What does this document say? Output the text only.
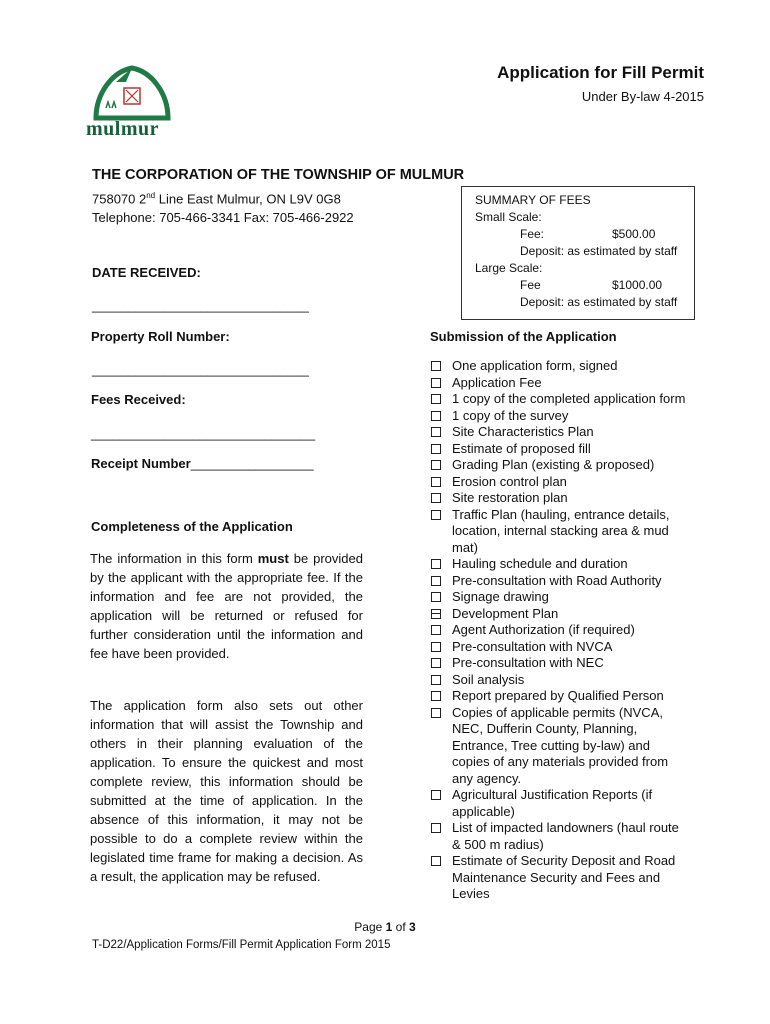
mulmur
Application for Fill Permit
Under By-law 4-2015
THE CORPORATION OF THE TOWNSHIP OF MULMUR
758070 2nd Line East Mulmur, ON L9V 0G8
Telephone: 705-466-3341 Fax: 705-466-2922
SUMMARY OF FEES
Small Scale:
Fee:	$500.00
Deposit: as estimated by staff
Large Scale:
Fee	$1000.00
Deposit: as estimated by staff
DATE RECEIVED:
______________________________
Property Roll Number:
______________________________
Fees Received:
_______________________________
Receipt Number_________________
Completeness of the Application
The information in this form must be provided by the applicant with the appropriate fee. If the information and fee are not provided, the application will be returned or refused for further consideration until the information and fee have been provided.
The application form also sets out other information that will assist the Township and others in their planning evaluation of the application. To ensure the quickest and most complete review, this information should be submitted at the time of application. In the absence of this information, it may not be possible to do a complete review within the legislated time frame for making a decision. As a result, the application may be refused.
Submission of the Application
One application form, signed
Application Fee
1 copy of the completed application form
1 copy of the survey
Site Characteristics Plan
Estimate of proposed fill
Grading Plan (existing & proposed)
Erosion control plan
Site restoration plan
Traffic Plan (hauling, entrance details, location, internal stacking area & mud mat)
Hauling schedule and duration
Pre-consultation with Road Authority
Signage drawing
Development Plan
Agent Authorization (if required)
Pre-consultation with NVCA
Pre-consultation with NEC
Soil analysis
Report prepared by Qualified Person
Copies of applicable permits (NVCA, NEC, Dufferin County, Planning, Entrance, Tree cutting by-law) and copies of any materials provided from any agency.
Agricultural Justification Reports (if applicable)
List of impacted landowners (haul route & 500 m radius)
Estimate of Security Deposit and Road Maintenance Security and Fees and Levies
Page 1 of 3
T-D22/Application Forms/Fill Permit Application Form 2015
